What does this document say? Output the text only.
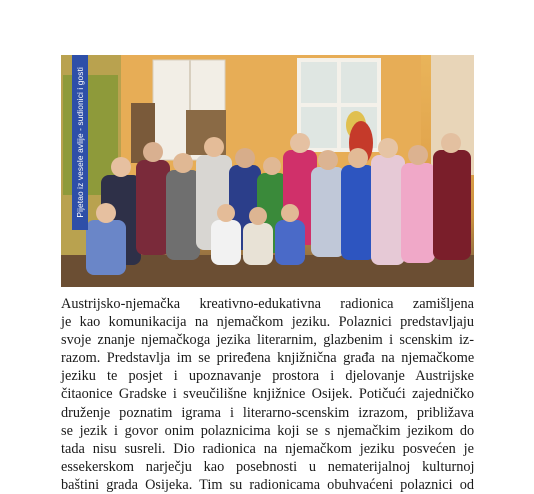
Pijetao iz vesele avlije - sudionici i gosti
Austrijsko-njemačka kreativno-edukativna radionica zamišljena
je kao komunikacija na njemačkom jeziku. Polaznici predstavljaju
svoje znanje njemačkoga jezika literarnim, glazbenim i scenskim iz-
razom. Predstavlja im se priređena knjižnična građa na njemačkome
jeziku te posjet i upoznavanje prostora i djelovanje Austrijske
čitaonice Gradske i sveučilišne knjižnice Osijek. Potičući zajedničko
druženje poznatim igrama i literarno-scenskim izrazom, približava
se jezik i govor onim polaznicima koji se s njemačkim jezikom do
tada nisu susreli. Dio radionica na njemačkom jeziku posvećen je
essekerskom narječju kao posebnosti u nematerijalnoj kulturnoj
baštini grada Osijeka. Tim su radionicama obuhvaćeni polaznici od
